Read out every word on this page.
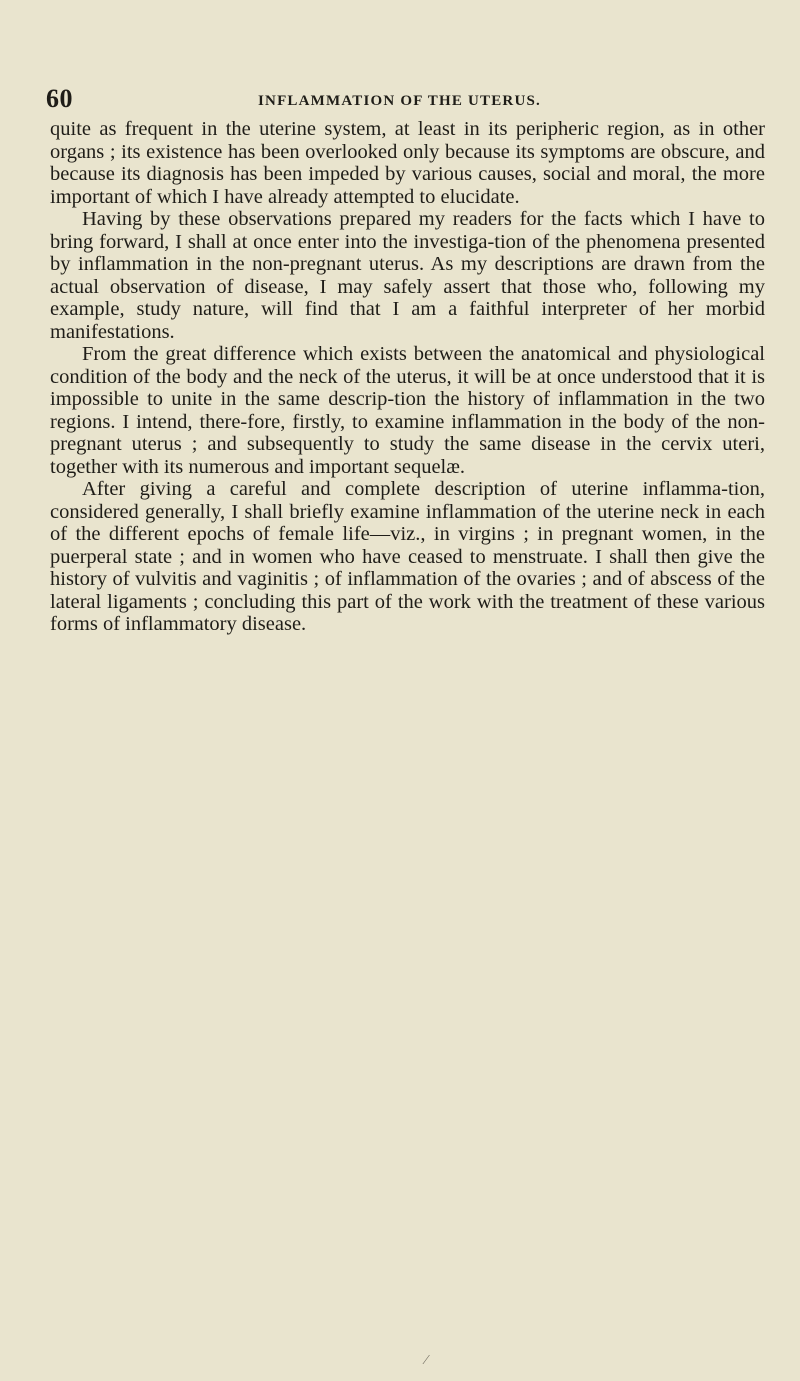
60	INFLAMMATION OF THE UTERUS.

quite as frequent in the uterine system, at least in its peripheric region, as in other organs ; its existence has been overlooked only because its symptoms are obscure, and because its diagnosis has been impeded by various causes, social and moral, the more important of which I have already attempted to elucidate.

Having by these observations prepared my readers for the facts which I have to bring forward, I shall at once enter into the investiga-tion of the phenomena presented by inflammation in the non-pregnant uterus. As my descriptions are drawn from the actual observation of disease, I may safely assert that those who, following my example, study nature, will find that I am a faithful interpreter of her morbid manifestations.

From the great difference which exists between the anatomical and physiological condition of the body and the neck of the uterus, it will be at once understood that it is impossible to unite in the same descrip-tion the history of inflammation in the two regions. I intend, there-fore, firstly, to examine inflammation in the body of the non-pregnant uterus ; and subsequently to study the same disease in the cervix uteri, together with its numerous and important sequelæ.

After giving a careful and complete description of uterine inflamma-tion, considered generally, I shall briefly examine inflammation of the uterine neck in each of the different epochs of female life—viz., in virgins ; in pregnant women, in the puerperal state ; and in women who have ceased to menstruate. I shall then give the history of vulvitis and vaginitis ; of inflammation of the ovaries ; and of abscess of the lateral ligaments ; concluding this part of the work with the treatment of these various forms of inflammatory disease.

⁄
